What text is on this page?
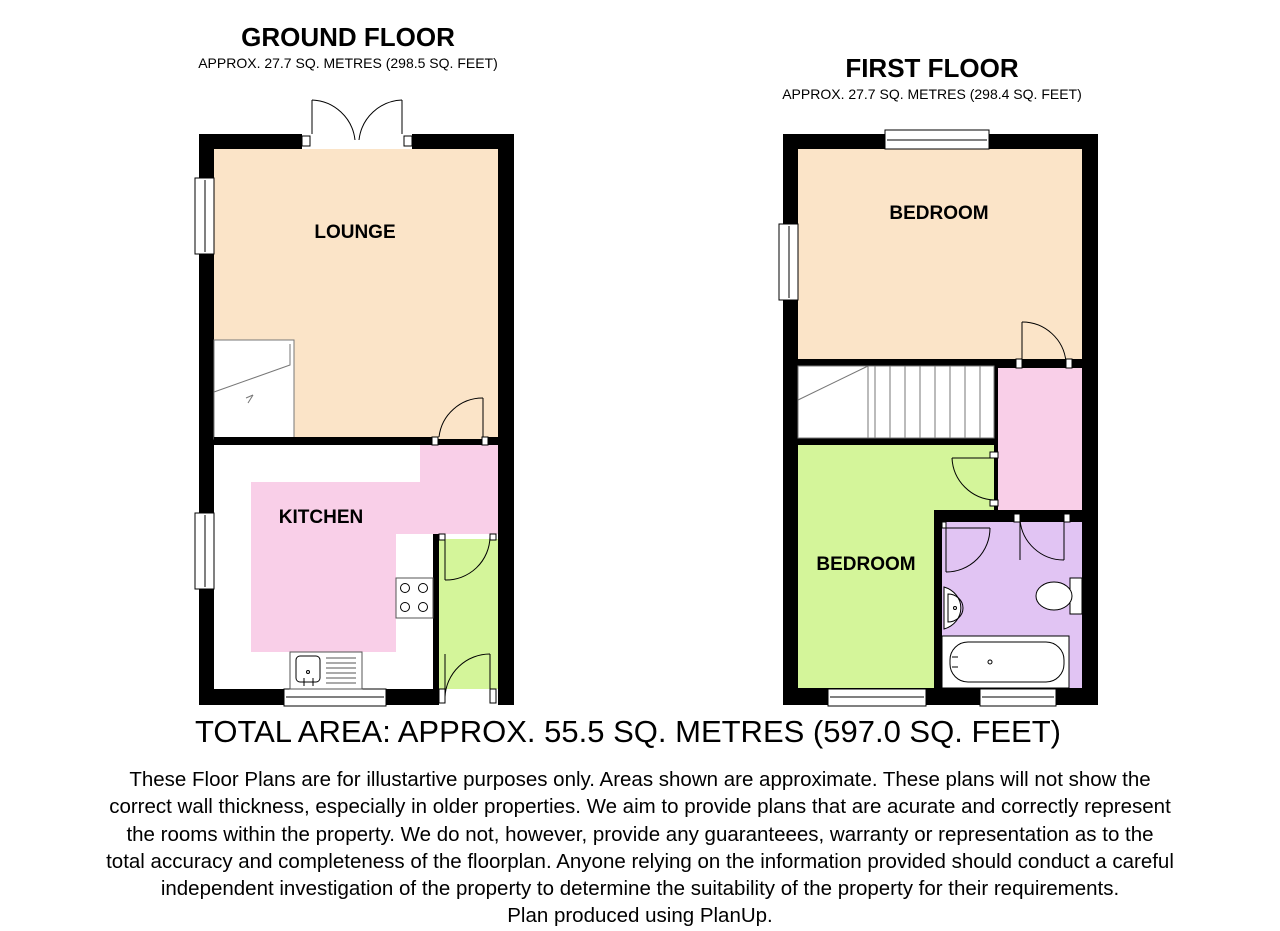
GROUND FLOOR
APPROX. 27.7 SQ. METRES (298.5 SQ. FEET)	FIRST FLOOR
APPROX. 27.7 SQ. METRES (298.4 SQ. FEET)
LOUNGE
KITCHEN
BEDROOM
BEDROOM
TOTAL AREA: APPROX. 55.5 SQ. METRES (597.0 SQ. FEET)
These Floor Plans are for illustartive purposes only. Areas shown are approximate. These plans will not show the
correct wall thickness, especially in older properties. We aim to provide plans that are acurate and correctly represent
the rooms within the property. We do not, however, provide any guaranteees, warranty or representation as to the
total accuracy and completeness of the floorplan. Anyone relying on the information provided should conduct a careful
independent investigation of the property to determine the suitability of the property for their requirements.
Plan produced using PlanUp.
